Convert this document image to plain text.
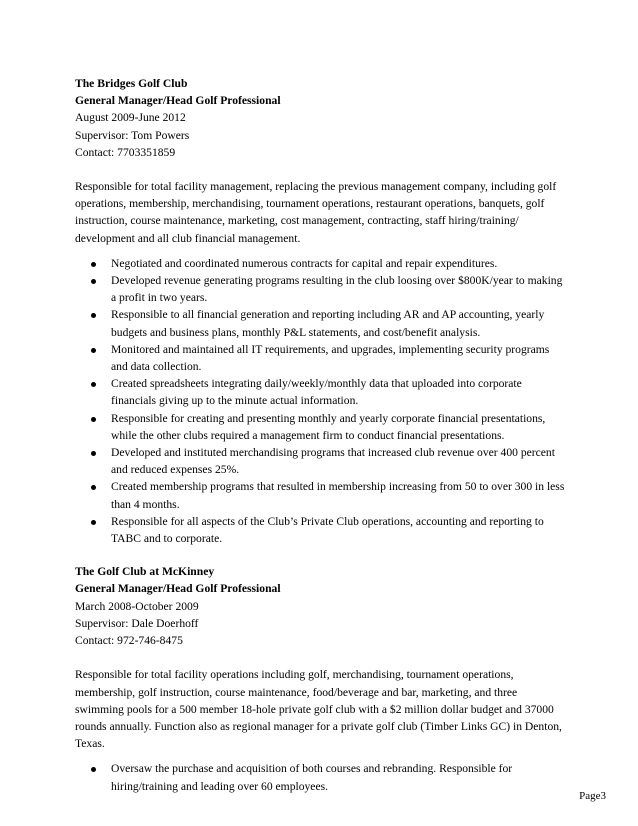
The Bridges Golf Club
General Manager/Head Golf Professional
August 2009-June 2012
Supervisor: Tom Powers
Contact: 7703351859
Responsible for total facility management, replacing the previous management company, including golf
operations, membership, merchandising, tournament operations, restaurant operations, banquets, golf
instruction, course maintenance, marketing, cost management, contracting, staff hiring/training/
development and all club financial management.
Negotiated and coordinated numerous contracts for capital and repair expenditures.
Developed revenue generating programs resulting in the club loosing over $800K/year to making
a profit in two years.
Responsible to all financial generation and reporting including AR and AP accounting, yearly
budgets and business plans, monthly P&L statements, and cost/benefit analysis.
Monitored and maintained all IT requirements, and upgrades, implementing security programs
and data collection.
Created spreadsheets integrating daily/weekly/monthly data that uploaded into corporate
financials giving up to the minute actual information.
Responsible for creating and presenting monthly and yearly corporate financial presentations,
while the other clubs required a management firm to conduct financial presentations.
Developed and instituted merchandising programs that increased club revenue over 400 percent
and reduced expenses 25%.
Created membership programs that resulted in membership increasing from 50 to over 300 in less
than 4 months.
Responsible for all aspects of the Club’s Private Club operations, accounting and reporting to
TABC and to corporate.
The Golf Club at McKinney
General Manager/Head Golf Professional
March 2008-October 2009
Supervisor: Dale Doerhoff
Contact: 972-746-8475
Responsible for total facility operations including golf, merchandising, tournament operations,
membership, golf instruction, course maintenance, food/beverage and bar, marketing, and three
swimming pools for a 500 member 18-hole private golf club with a $2 million dollar budget and 37000
rounds annually. Function also as regional manager for a private golf club (Timber Links GC) in Denton,
Texas.
Oversaw the purchase and acquisition of both courses and rebranding. Responsible for
hiring/training and leading over 60 employees.
Page3
